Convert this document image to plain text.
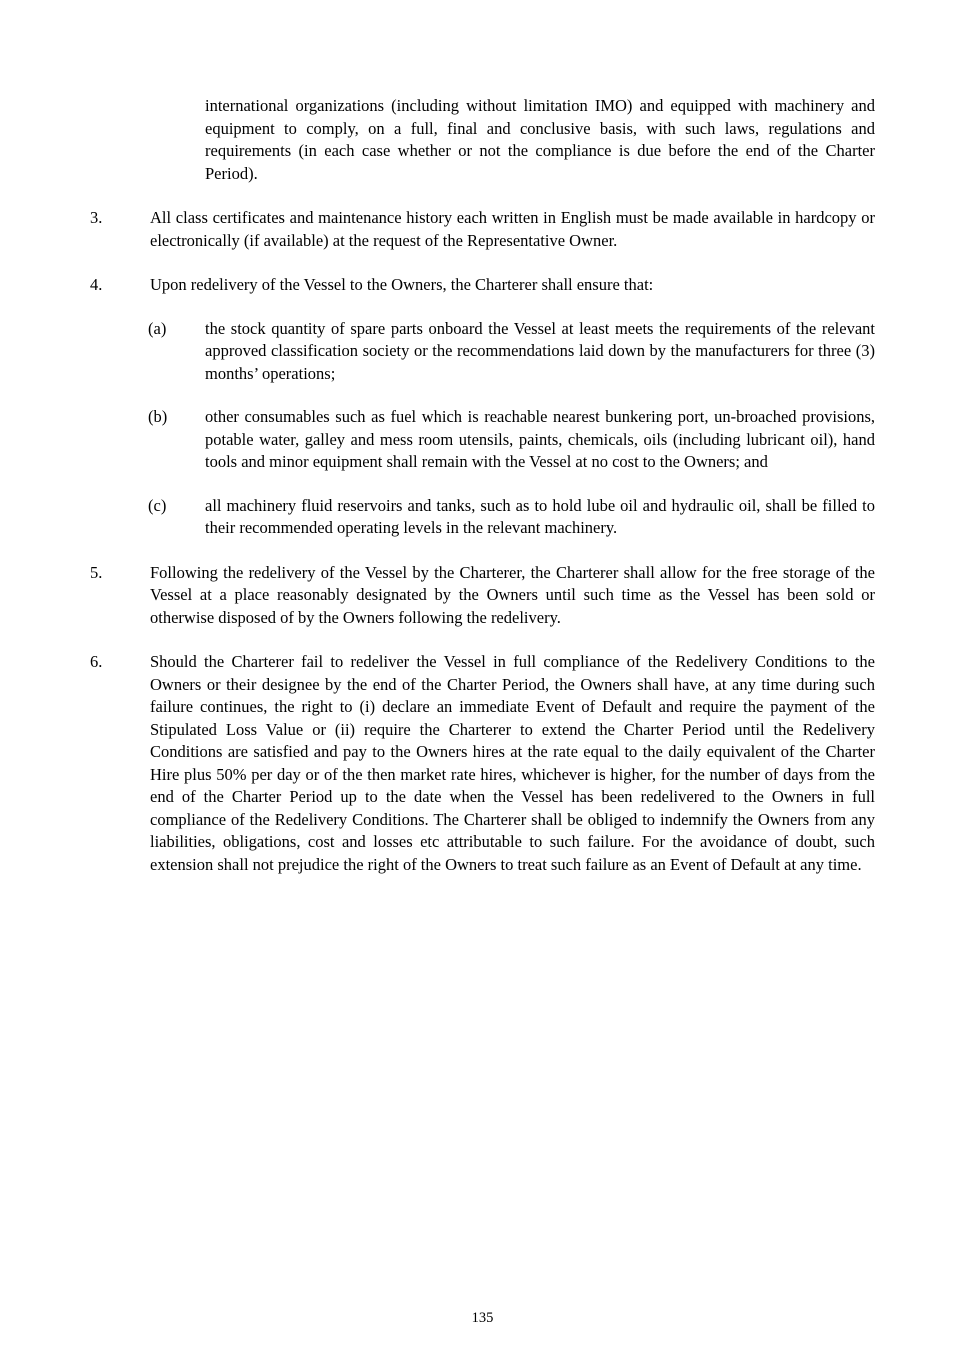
international organizations (including without limitation IMO) and equipped with machinery and equipment to comply, on a full, final and conclusive basis, with such laws, regulations and requirements (in each case whether or not the compliance is due before the end of the Charter Period).

3.	All class certificates and maintenance history each written in English must be made available in hardcopy or electronically (if available) at the request of the Representative Owner.
4.	Upon redelivery of the Vessel to the Owners, the Charterer shall ensure that:
(a)	the stock quantity of spare parts onboard the Vessel at least meets the requirements of the relevant approved classification society or the recommendations laid down by the manufacturers for three (3) months’ operations;
(b)	other consumables such as fuel which is reachable nearest bunkering port, un-broached provisions, potable water, galley and mess room utensils, paints, chemicals, oils (including lubricant oil), hand tools and minor equipment shall remain with the Vessel at no cost to the Owners; and
(c)	all machinery fluid reservoirs and tanks, such as to hold lube oil and hydraulic oil, shall be filled to their recommended operating levels in the relevant machinery.
5.	Following the redelivery of the Vessel by the Charterer, the Charterer shall allow for the free storage of the Vessel at a place reasonably designated by the Owners until such time as the Vessel has been sold or otherwise disposed of by the Owners following the redelivery.
6.	Should the Charterer fail to redeliver the Vessel in full compliance of the Redelivery Conditions to the Owners or their designee by the end of the Charter Period, the Owners shall have, at any time during such failure continues, the right to (i) declare an immediate Event of Default and require the payment of the Stipulated Loss Value or (ii) require the Charterer to extend the Charter Period until the Redelivery Conditions are satisfied and pay to the Owners hires at the rate equal to the daily equivalent of the Charter Hire plus 50% per day or of the then market rate hires, whichever is higher, for the number of days from the end of the Charter Period up to the date when the Vessel has been redelivered to the Owners in full compliance of the Redelivery Conditions. The Charterer shall be obliged to indemnify the Owners from any liabilities, obligations, cost and losses etc attributable to such failure. For the avoidance of doubt, such extension shall not prejudice the right of the Owners to treat such failure as an Event of Default at any time.
135
